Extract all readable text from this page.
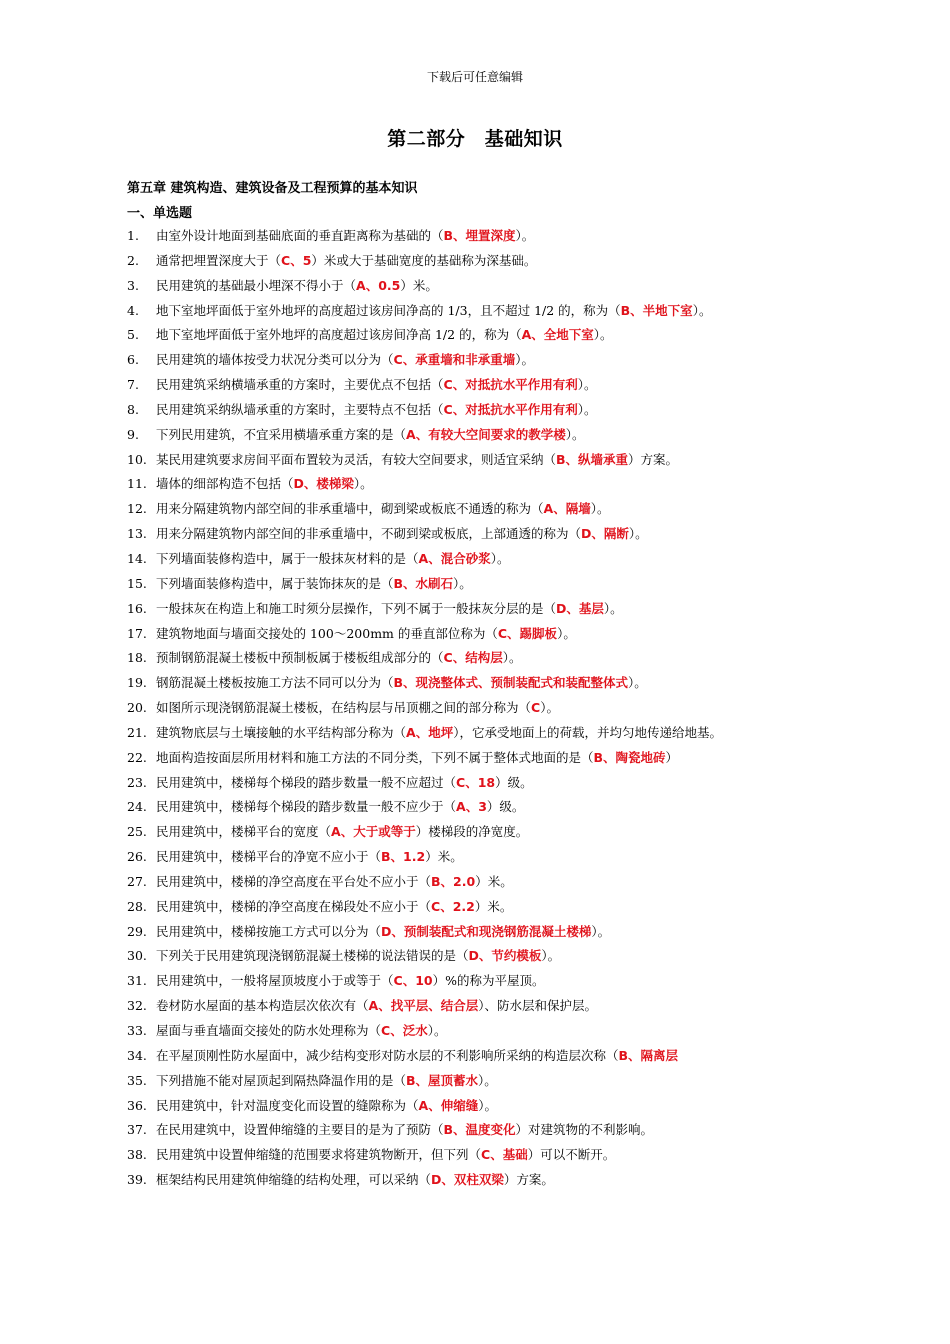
下载后可任意编辑
第二部分　基础知识
第五章 建筑构造、建筑设备及工程预算的基本知识
一、单选题
1.	由室外设计地面到基础底面的垂直距离称为基础的（B、埋置深度）。
2.	通常把埋置深度大于（C、5）米或大于基础宽度的基础称为深基础。
3.	民用建筑的基础最小埋深不得小于（A、0.5）米。
4.	地下室地坪面低于室外地坪的高度超过该房间净高的 1/3，且不超过 1/2 的，称为（B、半地下室）。
5.	地下室地坪面低于室外地坪的高度超过该房间净高 1/2 的，称为（A、全地下室）。
6.	民用建筑的墙体按受力状况分类可以分为（C、承重墙和非承重墙）。
7.	民用建筑采纳横墙承重的方案时，主要优点不包括（C、对抵抗水平作用有利）。
8.	民用建筑采纳纵墙承重的方案时，主要特点不包括（C、对抵抗水平作用有利）。
9.	下列民用建筑，不宜采用横墙承重方案的是（A、有较大空间要求的教学楼）。
10. 某民用建筑要求房间平面布置较为灵活，有较大空间要求，则适宜采纳（B、纵墙承重）方案。
11. 墙体的细部构造不包括（D、楼梯梁）。
12. 用来分隔建筑物内部空间的非承重墙中，砌到梁或板底不通透的称为（A、隔墙）。
13. 用来分隔建筑物内部空间的非承重墙中，不砌到梁或板底，上部通透的称为（D、隔断）。
14. 下列墙面装修构造中，属于一般抹灰材料的是（A、混合砂浆）。
15. 下列墙面装修构造中，属于装饰抹灰的是（B、水刷石）。
16. 一般抹灰在构造上和施工时须分层操作，下列不属于一般抹灰分层的是（D、基层）。
17. 建筑物地面与墙面交接处的 100～200mm 的垂直部位称为（C、踢脚板）。
18. 预制钢筋混凝土楼板中预制板属于楼板组成部分的（C、结构层）。
19. 钢筋混凝土楼板按施工方法不同可以分为（B、现浇整体式、预制装配式和装配整体式）。
20. 如图所示现浇钢筋混凝土楼板，在结构层与吊顶棚之间的部分称为（C）。
21. 建筑物底层与土壤接触的水平结构部分称为（A、地坪），它承受地面上的荷载，并均匀地传递给地基。
22. 地面构造按面层所用材料和施工方法的不同分类，下列不属于整体式地面的是（B、陶瓷地砖）
23. 民用建筑中，楼梯每个梯段的踏步数量一般不应超过（C、18）级。
24. 民用建筑中，楼梯每个梯段的踏步数量一般不应少于（A、3）级。
25. 民用建筑中，楼梯平台的宽度（A、大于或等于）楼梯段的净宽度。
26. 民用建筑中，楼梯平台的净宽不应小于（B、1.2）米。
27. 民用建筑中，楼梯的净空高度在平台处不应小于（B、2.0）米。
28. 民用建筑中，楼梯的净空高度在梯段处不应小于（C、2.2）米。
29. 民用建筑中，楼梯按施工方式可以分为（D、预制装配式和现浇钢筋混凝土楼梯）。
30. 下列关于民用建筑现浇钢筋混凝土楼梯的说法错误的是（D、节约模板）。
31. 民用建筑中，一般将屋顶坡度小于或等于（C、10）%的称为平屋顶。
32. 卷材防水屋面的基本构造层次依次有（A、找平层、结合层）、防水层和保护层。
33. 屋面与垂直墙面交接处的防水处理称为（C、泛水）。
34. 在平屋顶刚性防水屋面中，减少结构变形对防水层的不利影响所采纳的构造层次称（B、隔离层
35. 下列措施不能对屋顶起到隔热降温作用的是（B、屋顶蓄水）。
36. 民用建筑中，针对温度变化而设置的缝隙称为（A、伸缩缝）。
37. 在民用建筑中，设置伸缩缝的主要目的是为了预防（B、温度变化）对建筑物的不利影响。
38. 民用建筑中设置伸缩缝的范围要求将建筑物断开，但下列（C、基础）可以不断开。
39. 框架结构民用建筑伸缩缝的结构处理，可以采纳（D、双柱双梁）方案。
